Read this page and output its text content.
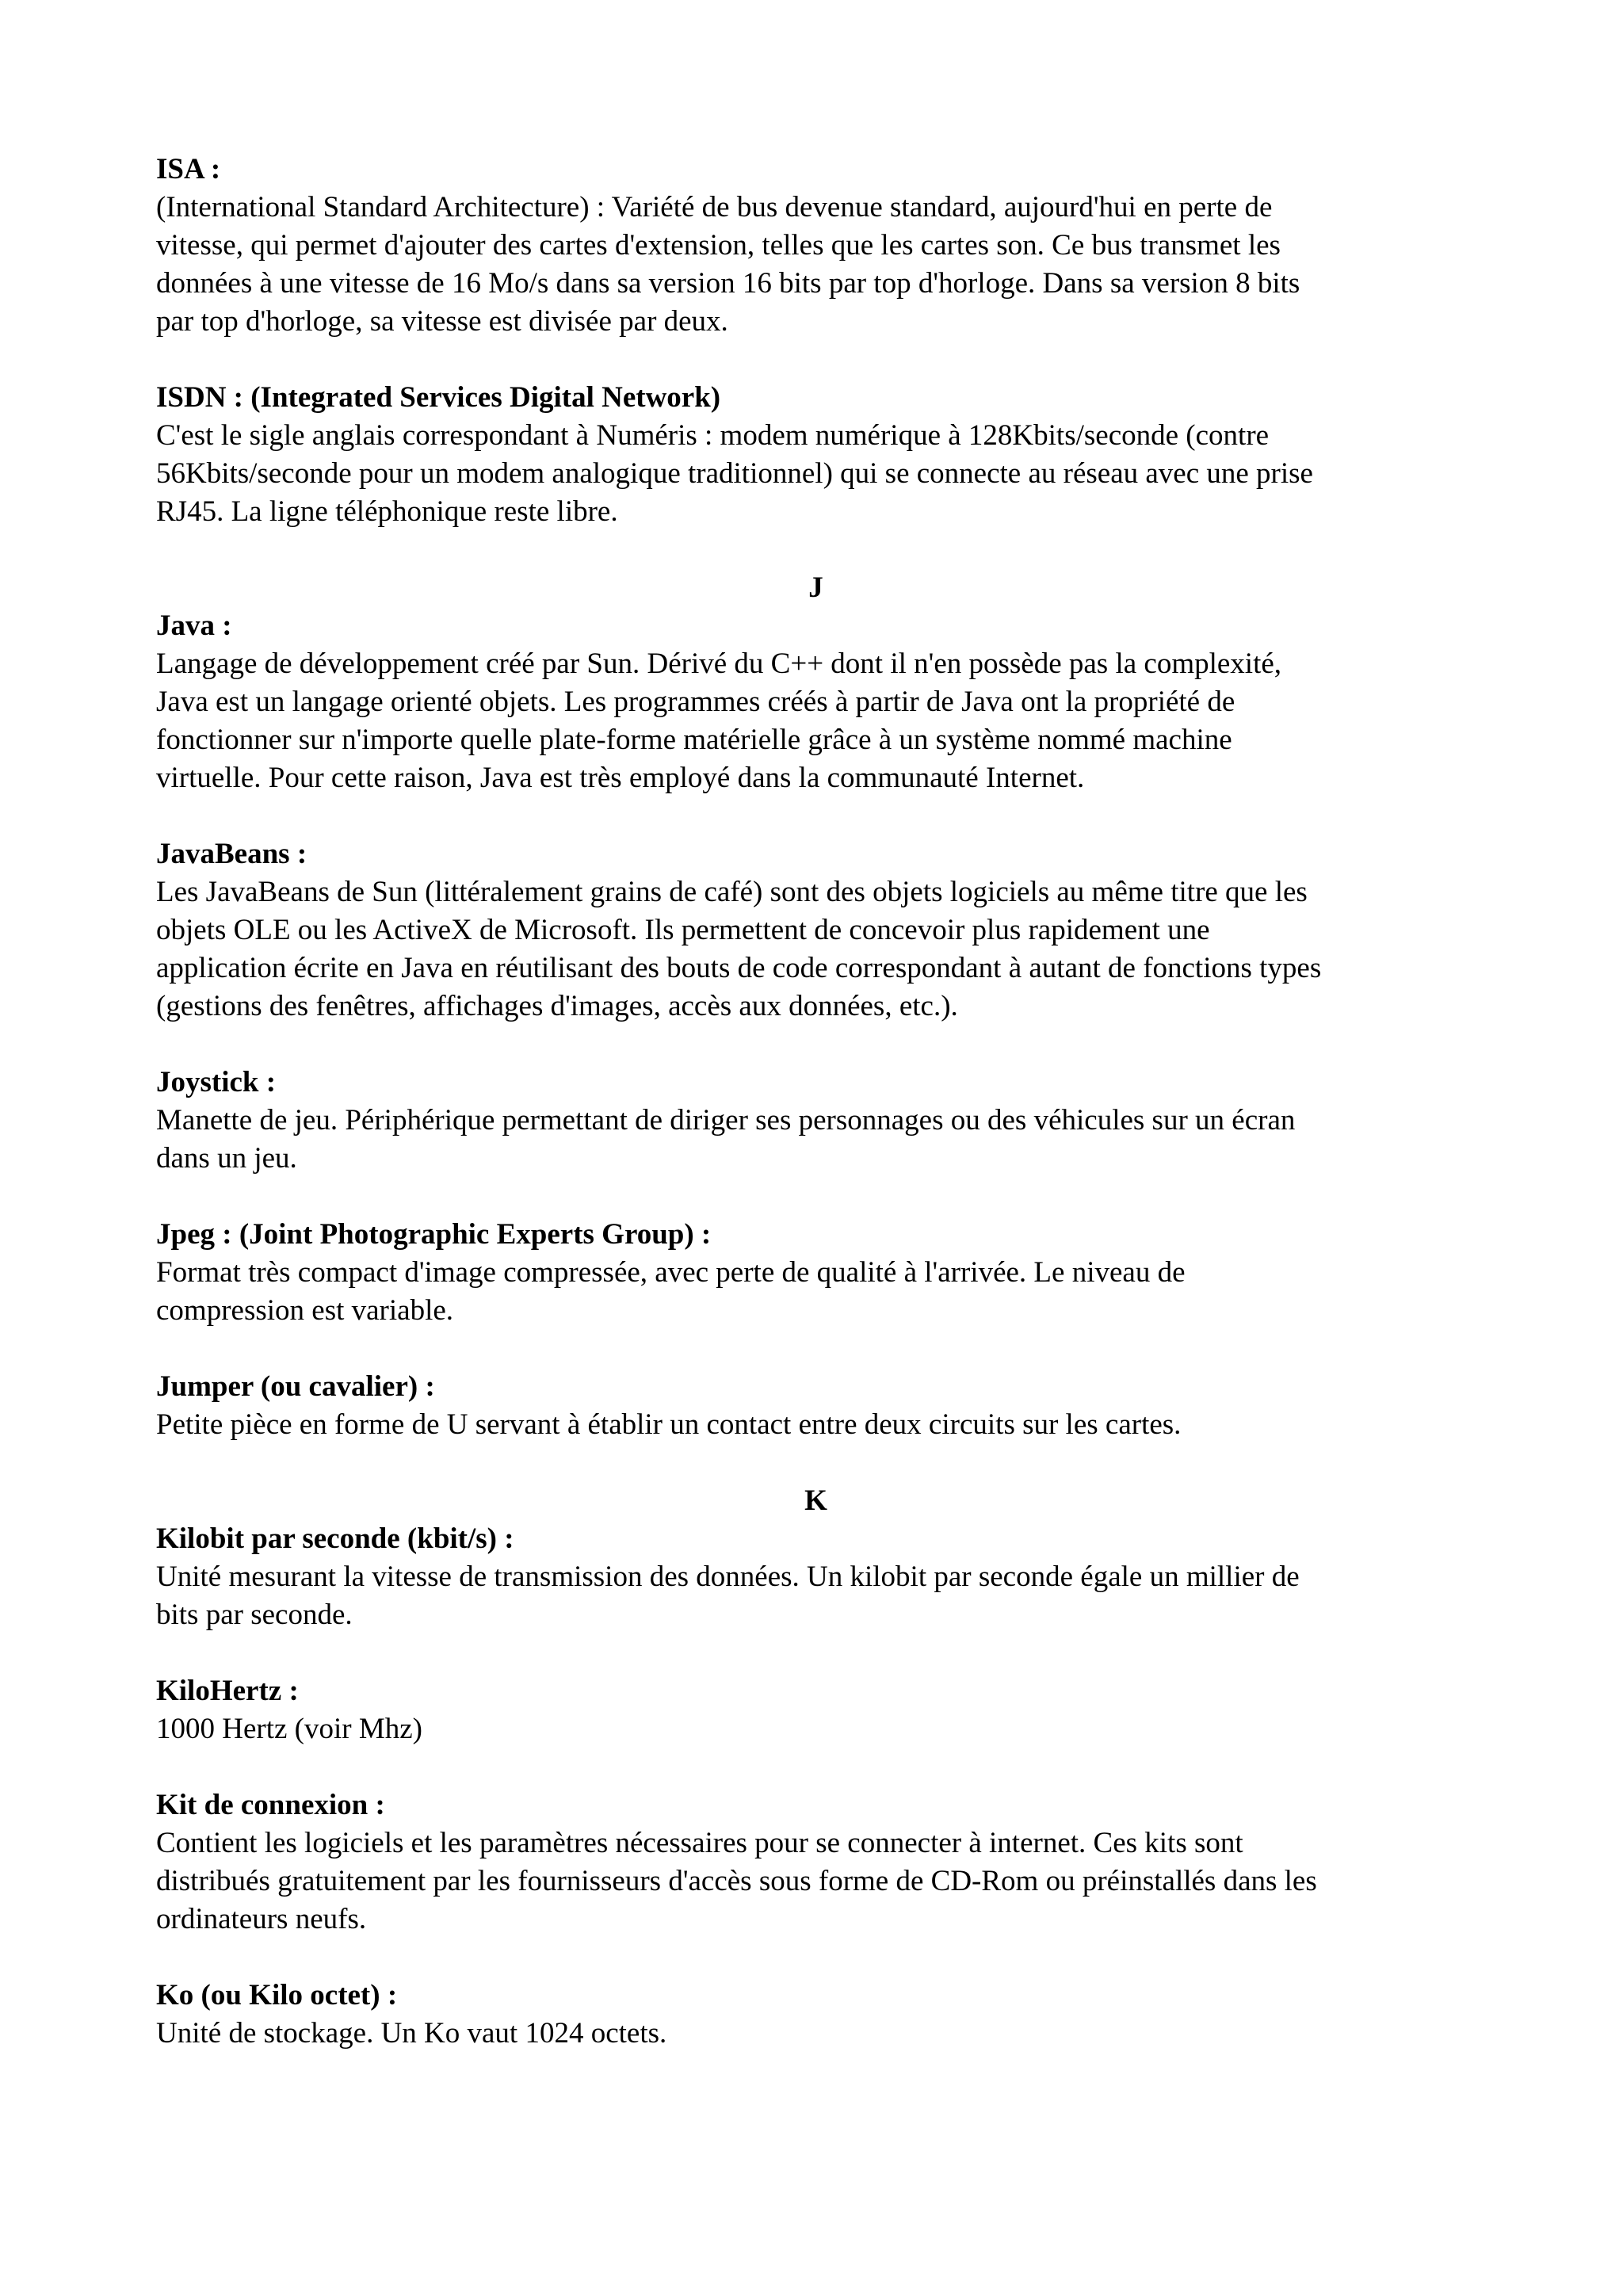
ISA :
(International Standard Architecture) : Variété de bus devenue standard, aujourd'hui en perte de
vitesse, qui permet d'ajouter des cartes d'extension, telles que les cartes son. Ce bus transmet les
données à une vitesse de 16 Mo/s dans sa version 16 bits par top d'horloge. Dans sa version 8 bits
par top d'horloge, sa vitesse est divisée par deux.
ISDN : (Integrated Services Digital Network)
C'est le sigle anglais correspondant à Numéris : modem numérique à 128Kbits/seconde (contre
56Kbits/seconde pour un modem analogique traditionnel) qui se connecte au réseau avec une prise
RJ45. La ligne téléphonique reste libre.
J
Java :
Langage de développement créé par Sun. Dérivé du C++ dont il n'en possède pas la complexité,
Java est un langage orienté objets. Les programmes créés à partir de Java ont la propriété de
fonctionner sur n'importe quelle plate-forme matérielle grâce à un système nommé machine
virtuelle. Pour cette raison, Java est très employé dans la communauté Internet.
JavaBeans :
Les JavaBeans de Sun (littéralement grains de café) sont des objets logiciels au même titre que les
objets OLE ou les ActiveX de Microsoft. Ils permettent de concevoir plus rapidement une
application écrite en Java en réutilisant des bouts de code correspondant à autant de fonctions types
(gestions des fenêtres, affichages d'images, accès aux données, etc.).
Joystick :
Manette de jeu. Périphérique permettant de diriger ses personnages ou des véhicules sur un écran
dans un jeu.
Jpeg : (Joint Photographic Experts Group) :
Format très compact d'image compressée, avec perte de qualité à l'arrivée. Le niveau de
compression est variable.
Jumper (ou cavalier) :
Petite pièce en forme de U servant à établir un contact entre deux circuits sur les cartes.
K
Kilobit par seconde (kbit/s) :
Unité mesurant la vitesse de transmission des données. Un kilobit par seconde égale un millier de
bits par seconde.
KiloHertz :
1000 Hertz (voir Mhz)
Kit de connexion :
Contient les logiciels et les paramètres nécessaires pour se connecter à internet. Ces kits sont
distribués gratuitement par les fournisseurs d'accès sous forme de CD-Rom ou préinstallés dans les
ordinateurs neufs.
Ko (ou Kilo octet) :
Unité de stockage. Un Ko vaut 1024 octets.
